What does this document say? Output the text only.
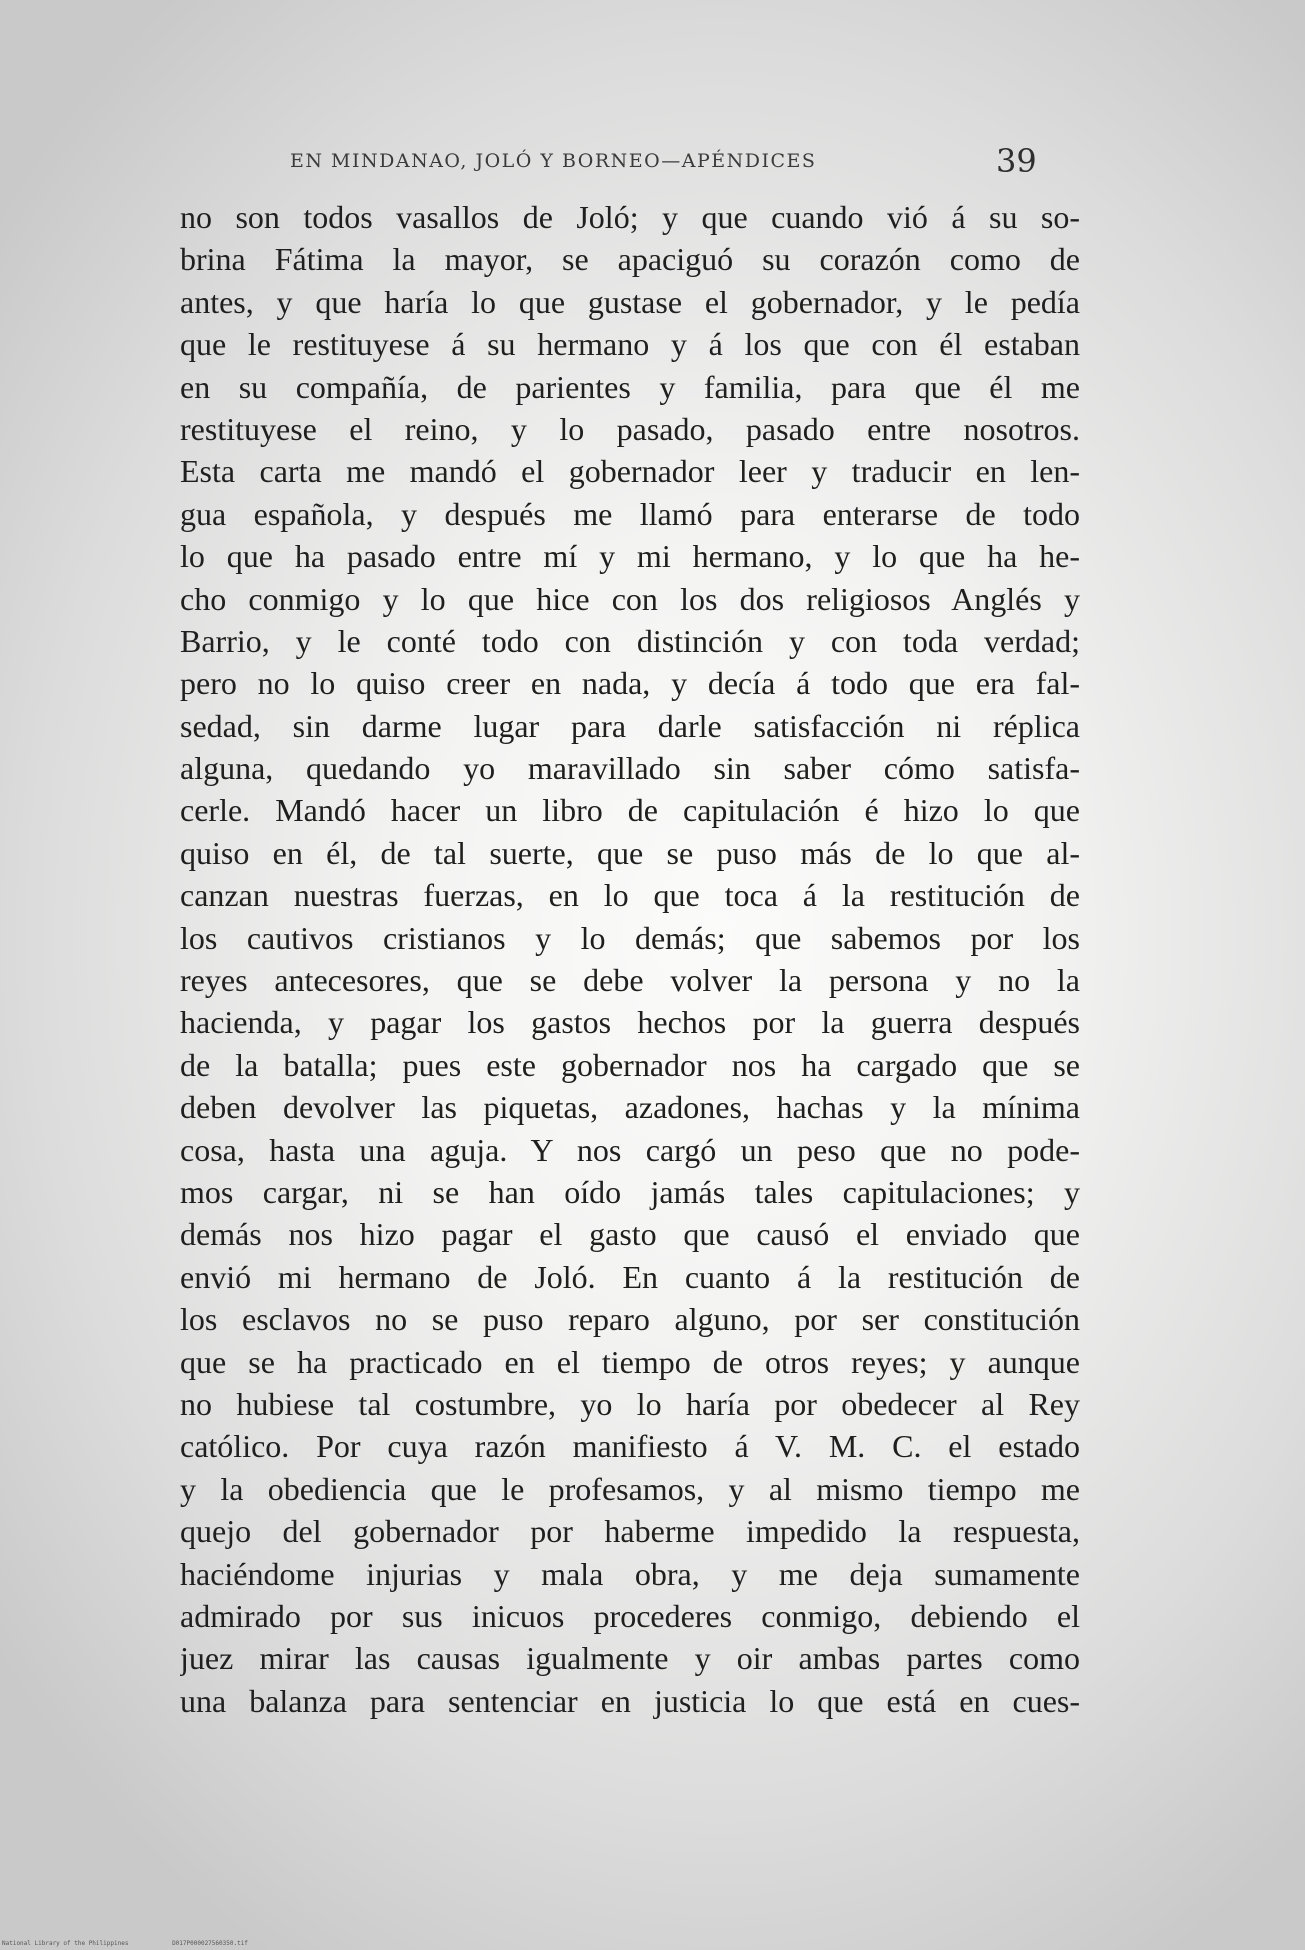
EN MINDANAO, JOLÓ Y BORNEO—APÉNDICES	39
no son todos vasallos de Joló; y que cuando vió á su so-
brina Fátima la mayor, se apaciguó su corazón como de
antes, y que haría lo que gustase el gobernador, y le pedía
que le restituyese á su hermano y á los que con él estaban
en su compañía, de parientes y familia, para que él me
restituyese el reino, y lo pasado, pasado entre nosotros.
Esta carta me mandó el gobernador leer y traducir en len-
gua española, y después me llamó para enterarse de todo
lo que ha pasado entre mí y mi hermano, y lo que ha he-
cho conmigo y lo que hice con los dos religiosos Anglés y
Barrio, y le conté todo con distinción y con toda verdad;
pero no lo quiso creer en nada, y decía á todo que era fal-
sedad, sin darme lugar para darle satisfacción ni réplica
alguna, quedando yo maravillado sin saber cómo satisfa-
cerle. Mandó hacer un libro de capitulación é hizo lo que
quiso en él, de tal suerte, que se puso más de lo que al-
canzan nuestras fuerzas, en lo que toca á la restitución de
los cautivos cristianos y lo demás; que sabemos por los
reyes antecesores, que se debe volver la persona y no la
hacienda, y pagar los gastos hechos por la guerra después
de la batalla; pues este gobernador nos ha cargado que se
deben devolver las piquetas, azadones, hachas y la mínima
cosa, hasta una aguja. Y nos cargó un peso que no pode-
mos cargar, ni se han oído jamás tales capitulaciones; y
demás nos hizo pagar el gasto que causó el enviado que
envió mi hermano de Joló. En cuanto á la restitución de
los esclavos no se puso reparo alguno, por ser constitución
que se ha practicado en el tiempo de otros reyes; y aunque
no hubiese tal costumbre, yo lo haría por obedecer al Rey
católico. Por cuya razón manifiesto á V. M. C. el estado
y la obediencia que le profesamos, y al mismo tiempo me
quejo del gobernador por haberme impedido la respuesta,
haciéndome injurias y mala obra, y me deja sumamente
admirado por sus inicuos procederes conmigo, debiendo el
juez mirar las causas igualmente y oir ambas partes como
una balanza para sentenciar en justicia lo que está en cues-
National Library of the Philippines	D017P000027560350.tif
